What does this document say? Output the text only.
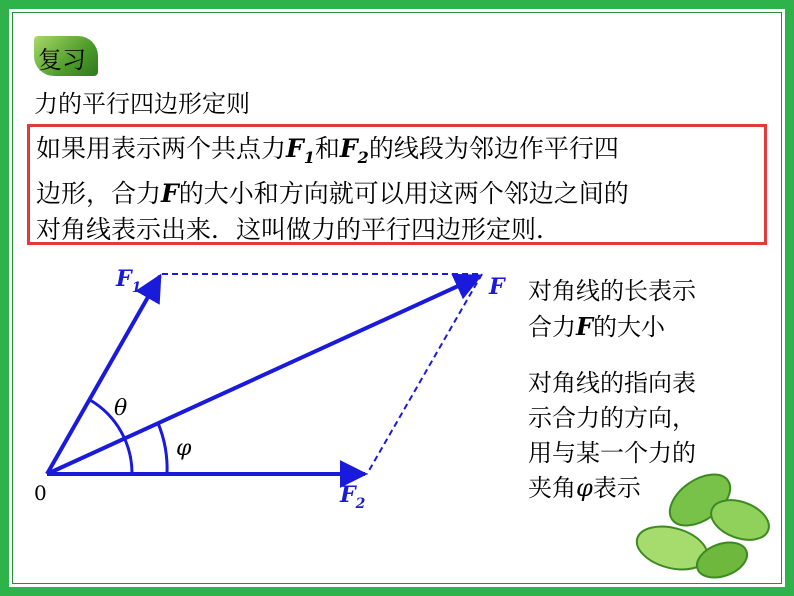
复习
力的平行四边形定则
如果用表示两个共点力$F_1$和$F_2$的线段为邻边作平行四
边形，合力F的大小和方向就可以用这两个邻边之间的
对角线表示出来．这叫做力的平行四边形定则．
$F_1$	F
$F_2$
0
θ
φ
对角线的长表示
合力F的大小
对角线的指向表
示合力的方向，
用与某一个力的
夹角φ表示
